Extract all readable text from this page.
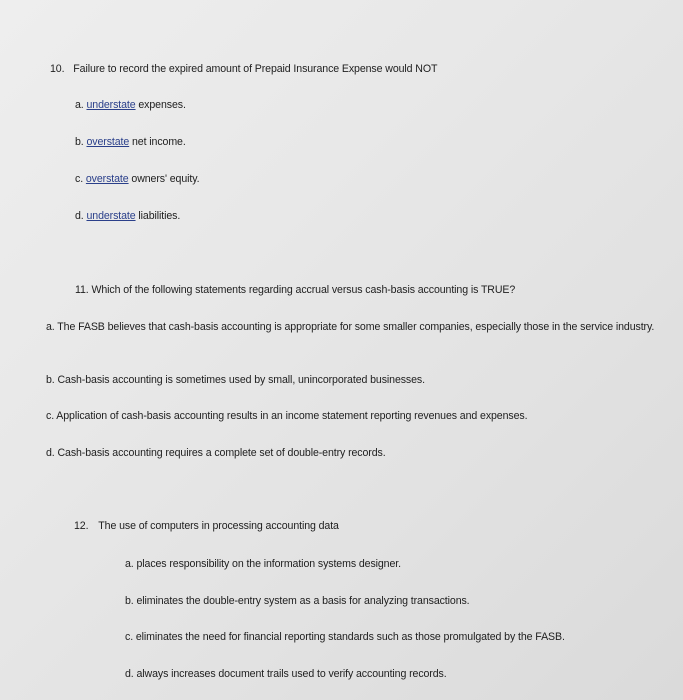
10. Failure to record the expired amount of Prepaid Insurance Expense would NOT
a. understate expenses.
b. overstate net income.
c. overstate owners' equity.
d. understate liabilities.
11. Which of the following statements regarding accrual versus cash-basis accounting is TRUE?
a. The FASB believes that cash-basis accounting is appropriate for some smaller companies, especially those in the service industry.
b. Cash-basis accounting is sometimes used by small, unincorporated businesses.
c. Application of cash-basis accounting results in an income statement reporting revenues and expenses.
d. Cash-basis accounting requires a complete set of double-entry records.
12. The use of computers in processing accounting data
a. places responsibility on the information systems designer.
b. eliminates the double-entry system as a basis for analyzing transactions.
c. eliminates the need for financial reporting standards such as those promulgated by the FASB.
d. always increases document trails used to verify accounting records.
